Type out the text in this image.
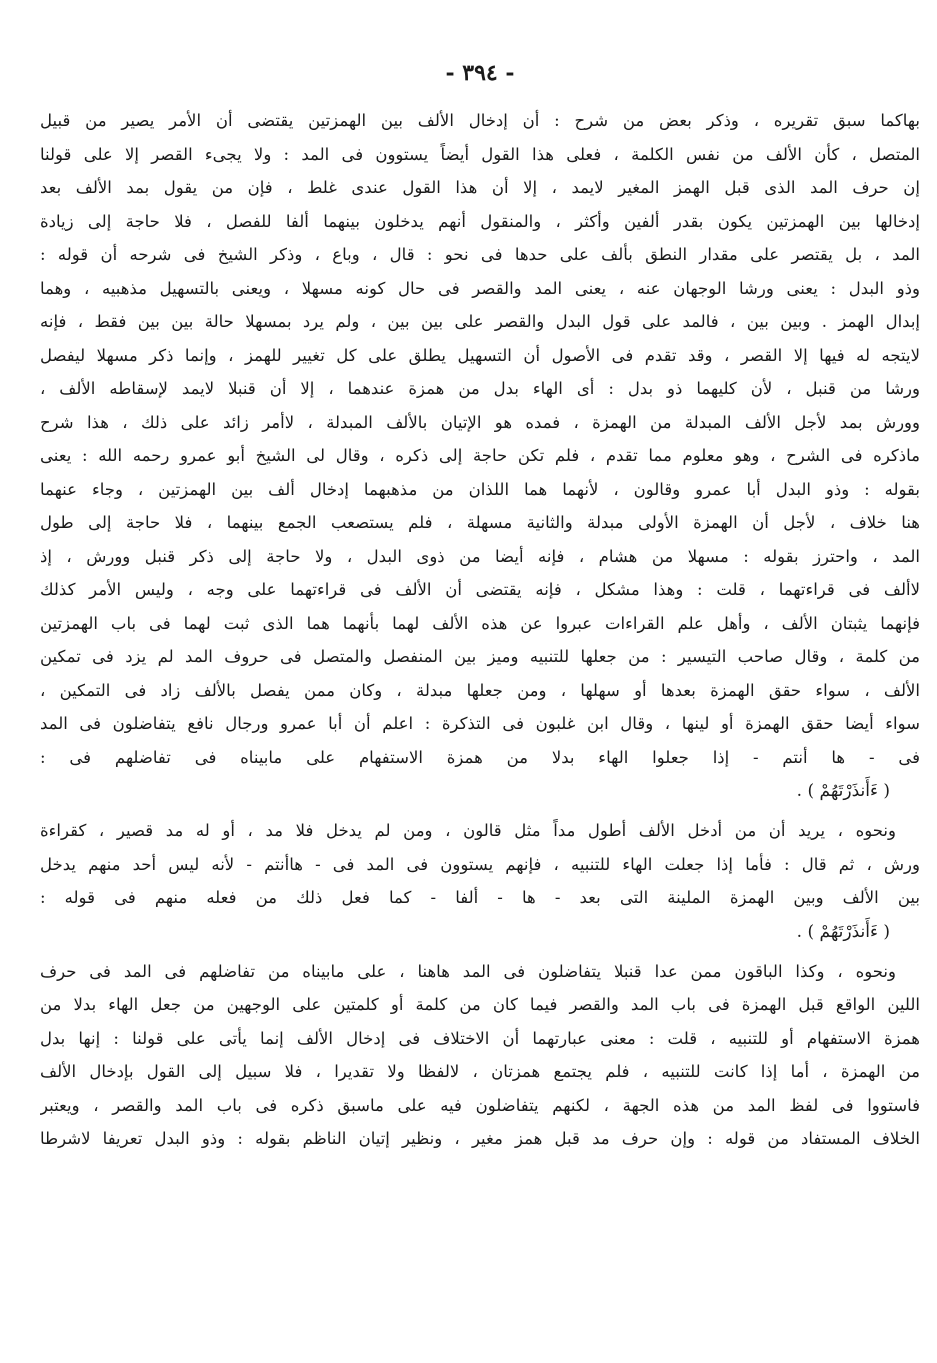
- ٣٩٤ -
بهاكما سبق تقريره ، وذكر بعض من شرح : أن إدخال الألف بين الهمزتين يقتضى أن الأمر يصير من قبيل
المتصل ، كأن الألف من نفس الكلمة ، فعلى هذا القول أيضاً يستوون فى المد : ولا يجىء القصر إلا على قولنا
إن حرف المد الذى قبل الهمز المغير لايمد ، إلا أن هذا القول عندى غلط ، فإن من يقول بمد الألف بعد
إدخالها بين الهمزتين يكون بقدر ألفين وأكثر ، والمنقول أنهم يدخلون بينهما ألفا للفصل ، فلا حاجة إلى زيادة
المد ، بل يقتصر على مقدار النطق بألف على حدها فى نحو : قال ، وباع ، وذكر الشيخ فى شرحه أن قوله :
وذو البدل : يعنى ورشا الوجهان عنه ، يعنى المد والقصر فى حال كونه مسهلا ، ويعنى بالتسهيل مذهبيه ، وهما
إبدال الهمز . وبين بين ، فالمد على قول البدل والقصر على بين بين ، ولم يرد بمسهلا حالة بين بين فقط ، فإنه
لايتجه له فيها إلا القصر ، وقد تقدم فى الأصول أن التسهيل يطلق على كل تغيير للهمز ، وإنما ذكر مسهلا ليفصل
ورشا من قنبل ، لأن كليهما ذو بدل : أى الهاء بدل من همزة عندهما ، إلا أن قنبلا لايمد لإسقاطه الألف ،
وورش بمد لأجل الألف المبدلة من الهمزة ، فمده هو الإتيان بالألف المبدلة ، لاأمر زائد على ذلك ، هذا شرح
ماذكره فى الشرح ، وهو معلوم مما تقدم ، فلم تكن حاجة إلى ذكره ، وقال لى الشيخ أبو عمرو رحمه الله : يعنى
بقوله : وذو البدل أبا عمرو وقالون ، لأنهما هما اللذان من مذهبهما إدخال ألف بين الهمزتين ، وجاء عنهما
هنا خلاف ، لأجل أن الهمزة الأولى مبدلة والثانية مسهلة ، فلم يستصعب الجمع بينهما ، فلا حاجة إلى طول
المد ، واحترز بقوله : مسهلا من هشام ، فإنه أيضا من ذوى البدل ، ولا حاجة إلى ذكر قنبل وورش ، إذ
لاألف فى قراءتهما ، قلت : وهذا مشكل ، فإنه يقتضى أن الألف فى قراءتهما على وجه ، وليس الأمر كذلك
فإنهما يثبتان الألف ، وأهل علم القراءات عبروا عن هذه الألف لهما بأنهما هما الذى ثبت لهما فى باب الهمزتين
من كلمة ، وقال صاحب التيسير : من جعلها للتنبيه وميز بين المنفصل والمتصل فى حروف المد لم يزد فى تمكين
الألف ، سواء حقق الهمزة بعدها أو سهلها ، ومن جعلها مبدلة ، وكان ممن يفصل بالألف زاد فى التمكين ،
سواء أيضا حقق الهمزة أو لينها ، وقال ابن غلبون فى التذكرة : اعلم أن أبا عمرو ورجال نافع يتفاضلون فى المد
فى - ها أنتم - إذا جعلوا الهاء بدلا من همزة الاستفهام على مابيناه فى تفاضلهم فى :
( ءَأَنذَرْتَهُمْ ) .
ونحوه ، يريد أن من أدخل الألف أطول مداً مثل قالون ، ومن لم يدخل فلا مد ، أو له مد قصير ، كقراءة
ورش ، ثم قال : فأما إذا جعلت الهاء للتنبيه ، فإنهم يستوون فى المد فى - هاأنتم - لأنه ليس أحد منهم يدخل
بين الألف وبين الهمزة الملينة التى بعد - ها - ألفا - كما فعل ذلك من فعله منهم فى قوله :
( ءَأَنذَرْتَهُمْ ) .
ونحوه ، وكذا الباقون ممن عدا قنبلا يتفاضلون فى المد هاهنا ، على مابيناه من تفاضلهم فى المد فى حرف
اللين الواقع قبل الهمزة فى باب المد والقصر فيما كان من كلمة أو كلمتين على الوجهين من جعل الهاء بدلا من
همزة الاستفهام أو للتنبيه ، قلت : معنى عبارتهما أن الاختلاف فى إدخال الألف إنما يأتى على قولنا : إنها بدل
من الهمزة ، أما إذا كانت للتنبيه ، فلم يجتمع همزتان ، لالفظا ولا تقديرا ، فلا سبيل إلى القول بإدخال الألف
فاستووا فى لفظ المد من هذه الجهة ، لكنهم يتفاضلون فيه على ماسبق ذكره فى باب المد والقصر ، ويعتبر
الخلاف المستفاد من قوله : وإن حرف مد قبل همز مغير ، ونظير إتيان الناظم بقوله : وذو البدل تعريفا لاشرطا
